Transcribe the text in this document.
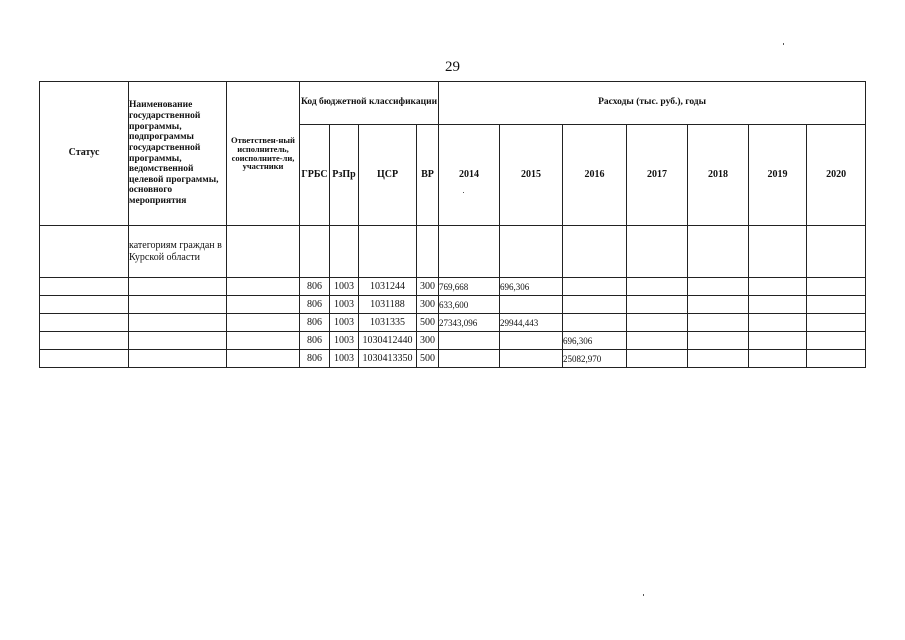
29
Статус	Наименование государственной программы, подпрограммы государственной программы, ведомственной целевой программы, основного мероприятия	Ответствен-ный исполнитель, соисполните-ли, участники	Код бюджетной классификации				Расходы (тыс. руб.), годы						
			ГРБС	РзПр	ЦСР	ВР	2014	2015	2016	2017	2018	2019	2020
	категориям граждан в Курской области												
			806	1003	1031244	300	769,668	696,306					
			806	1003	1031188	300	633,600						
			806	1003	1031335	500	27343,096	29944,443					
			806	1003	1030412440	300			696,306				
			806	1003	1030413350	500			25082,970				
